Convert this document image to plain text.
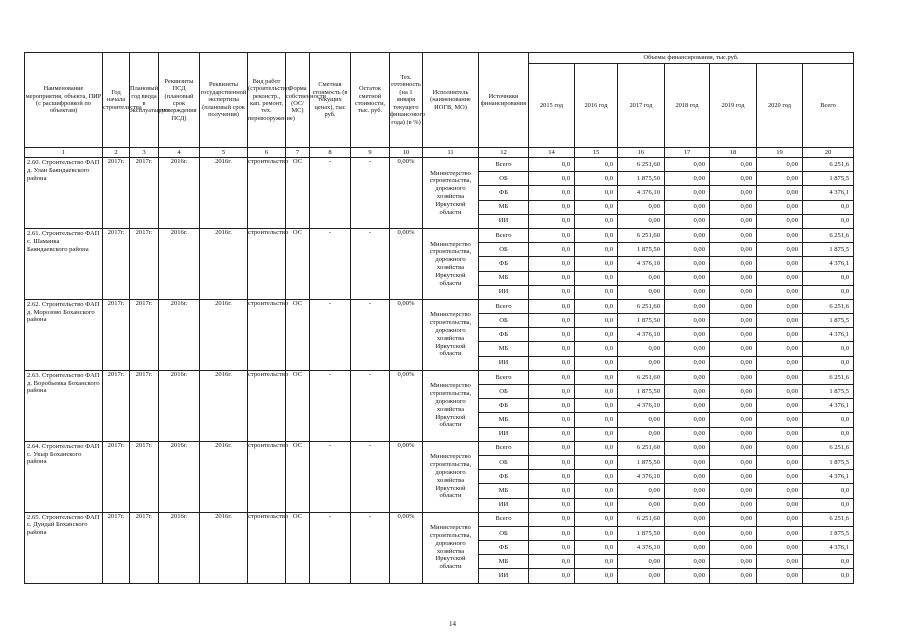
Наименование мероприятия, объекта, ПИР (с расшифровкой по объектам)	Год начала строительства	Плановый год ввода в эксплуатацию	Реквизиты ПСД (плановый срок утверждения ПСД)	Реквизиты государственной экспертизы (плановый срок получения)	Вид работ (строительство, реконстр., кап. ремонт, тех. перевооружение)	Форма собственности (ОС/МС)	Сметная стоимость (в текущих ценах), тыс руб.	Остаток сметной стоимости, тыс. руб.	Тех. готовность (на 1 января текущего финансового года) (в %)	Исполнитель (наименование ИОГВ, МО)	Источники финансирования	Объемы финансирования, тыс.руб.						
												2015 год	2016 год	2017 год	2018 год	2019 год	2020 год	Всего
1	2	3	4	5	6	7	8	9	10	11	12	14	15	16	17	18	19	20
2.60. Строительство ФАП д. Улан Баяндаевского района	2017г.	2017г.	2016г.	2016г.	строительство	ОС	-	-	0,00%	Министерство строительства, дорожного хозяйства Иркутской области	Всего	0,0	0,0	6 251,60	0,00	0,00	0,00	6 251,6
											ОБ	0,0	0,0	1 875,50	0,00	0,00	0,00	1 875,5
											ФБ	0,0	0,0	4 376,10	0,00	0,00	0,00	4 376,1
											МБ	0,0	0,0	0,00	0,00	0,00	0,00	0,0
											ИИ	0,0	0,0	0,00	0,00	0,00	0,00	0,0
2.61. Строительство ФАП с. Шаманка Баяндаевского района	2017г.	2017г.	2016г.	2016г.	строительство	ОС	-	-	0,00%	Министерство строительства, дорожного хозяйства Иркутской области	Всего	0,0	0,0	6 251,60	0,00	0,00	0,00	6 251,6
											ОБ	0,0	0,0	1 875,50	0,00	0,00	0,00	1 875,5
											ФБ	0,0	0,0	4 376,10	0,00	0,00	0,00	4 376,1
											МБ	0,0	0,0	0,00	0,00	0,00	0,00	0,0
											ИИ	0,0	0,0	0,00	0,00	0,00	0,00	0,0
2.62. Строительство ФАП д. Морозово Боханского района	2017г.	2017г.	2016г.	2016г.	строительство	ОС	-	-	0,00%	Министерство строительства, дорожного хозяйства Иркутской области	Всего	0,0	0,0	6 251,60	0,00	0,00	0,00	6 251,6
											ОБ	0,0	0,0	1 875,50	0,00	0,00	0,00	1 875,5
											ФБ	0,0	0,0	4 376,10	0,00	0,00	0,00	4 376,1
											МБ	0,0	0,0	0,00	0,00	0,00	0,00	0,0
											ИИ	0,0	0,0	0,00	0,00	0,00	0,00	0,0
2.63. Строительство ФАП д. Воробьевка Боханского района	2017г.	2017г.	2016г.	2016г.	строительство	ОС	-	-	0,00%	Министерство строительства, дорожного хозяйства Иркутской области	Всего	0,0	0,0	6 251,60	0,00	0,00	0,00	6 251,6
											ОБ	0,0	0,0	1 875,50	0,00	0,00	0,00	1 875,5
											ФБ	0,0	0,0	4 376,10	0,00	0,00	0,00	4 376,1
											МБ	0,0	0,0	0,00	0,00	0,00	0,00	0,0
											ИИ	0,0	0,0	0,00	0,00	0,00	0,00	0,0
2.64. Строительство ФАП с. Укыр Боханского района	2017г.	2017г.	2016г.	2016г.	строительство	ОС	-	-	0,00%	Министерство строительства, дорожного хозяйства Иркутской области	Всего	0,0	0,0	6 251,60	0,00	0,00	0,00	6 251,6
											ОБ	0,0	0,0	1 875,50	0,00	0,00	0,00	1 875,5
											ФБ	0,0	0,0	4 376,10	0,00	0,00	0,00	4 376,1
											МБ	0,0	0,0	0,00	0,00	0,00	0,00	0,0
											ИИ	0,0	0,0	0,00	0,00	0,00	0,00	0,0
2.65. Строительство ФАП с. Дундай Боханского района	2017г.	2017г.	2016г.	2016г.	строительство	ОС	-	-	0,00%	Министерство строительства, дорожного хозяйства Иркутской области	Всего	0,0	0,0	6 251,60	0,00	0,00	0,00	6 251,6
											ОБ	0,0	0,0	1 875,50	0,00	0,00	0,00	1 875,5
											ФБ	0,0	0,0	4 376,10	0,00	0,00	0,00	4 376,1
											МБ	0,0	0,0	0,00	0,00	0,00	0,00	0,0
											ИИ	0,0	0,0	0,00	0,00	0,00	0,00	0,0
14
